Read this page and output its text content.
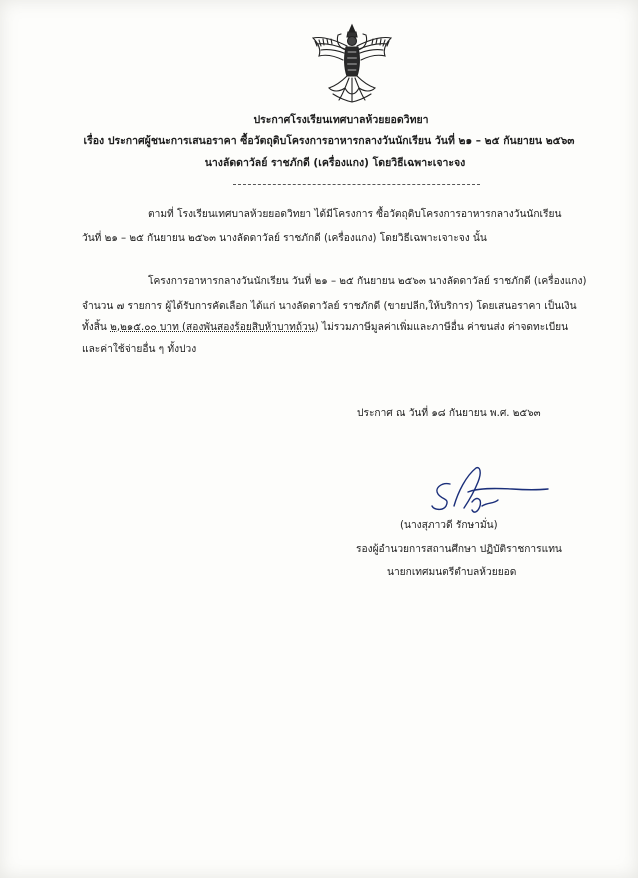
ประกาศโรงเรียนเทศบาลห้วยยอดวิทยา
เรื่อง ประกาศผู้ชนะการเสนอราคา ซื้อวัตถุดิบโครงการอาหารกลางวันนักเรียน วันที่ ๒๑ – ๒๕ กันยายน ๒๕๖๓
นางลัดดาวัลย์ ราชภักดี (เครื่องแกง) โดยวิธีเฉพาะเจาะจง
ตามที่ โรงเรียนเทศบาลห้วยยอดวิทยา ได้มีโครงการ ซื้อวัตถุดิบโครงการอาหารกลางวันนักเรียน
วันที่ ๒๑ – ๒๕ กันยายน ๒๕๖๓ นางลัดดาวัลย์ ราชภักดี (เครื่องแกง) โดยวิธีเฉพาะเจาะจง นั้น
โครงการอาหารกลางวันนักเรียน วันที่ ๒๑ – ๒๕ กันยายน ๒๕๖๓ นางลัดดาวัลย์ ราชภักดี (เครื่องแกง)
จำนวน ๗ รายการ ผู้ได้รับการคัดเลือก ได้แก่ นางลัดดาวัลย์ ราชภักดี (ขายปลีก,ให้บริการ) โดยเสนอราคา เป็นเงิน
ทั้งสิ้น ๒,๒๑๕.๐๐ บาท (สองพันสองร้อยสิบห้าบาทถ้วน) ไม่รวมภาษีมูลค่าเพิ่มและภาษีอื่น ค่าขนส่ง ค่าจดทะเบียน
และค่าใช้จ่ายอื่น ๆ ทั้งปวง
ประกาศ ณ วันที่ ๑๘ กันยายน พ.ศ. ๒๕๖๓
(นางสุภาวดี รักษามั่น)
รองผู้อำนวยการสถานศึกษา ปฏิบัติราชการแทน
นายกเทศมนตรีตำบลห้วยยอด
